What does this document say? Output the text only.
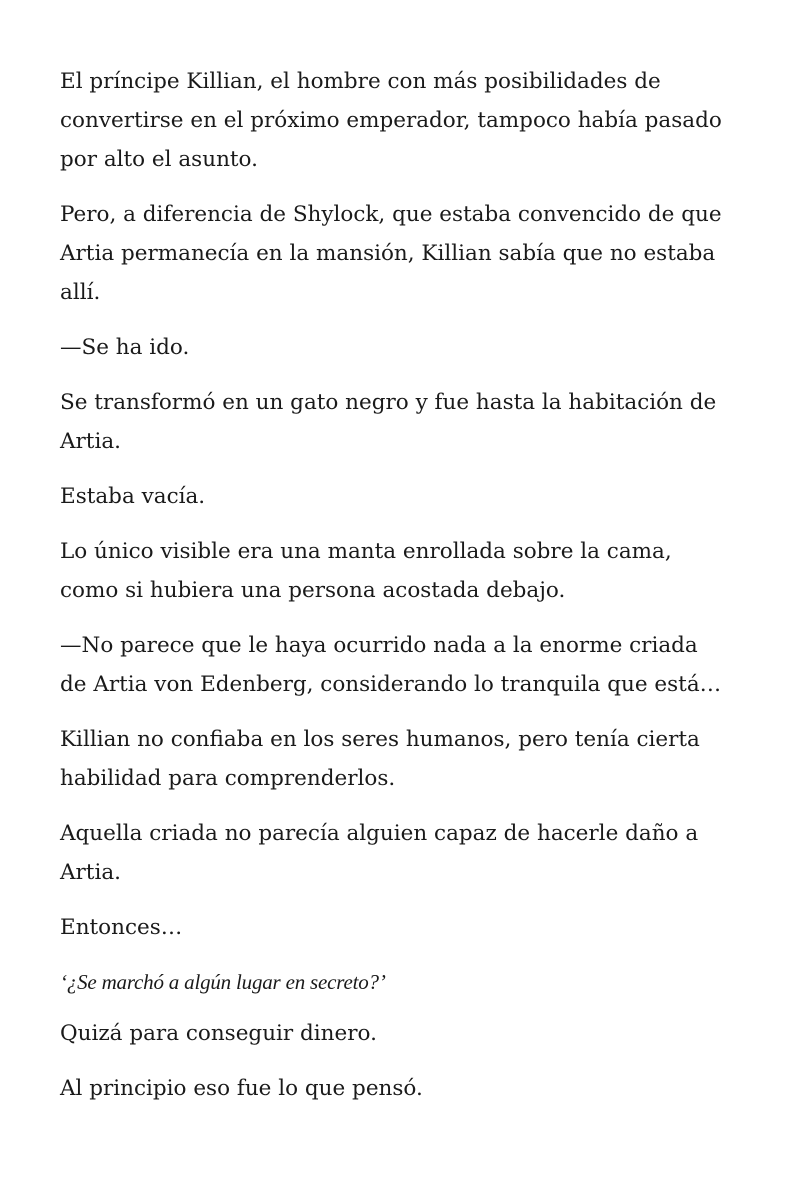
El príncipe Killian, el hombre con más posibilidades de
convertirse en el próximo emperador, tampoco había pasado
por alto el asunto.

Pero, a diferencia de Shylock, que estaba convencido de que
Artia permanecía en la mansión, Killian sabía que no estaba
allí.

—Se ha ido.

Se transformó en un gato negro y fue hasta la habitación de
Artia.

Estaba vacía.

Lo único visible era una manta enrollada sobre la cama,
como si hubiera una persona acostada debajo.

—No parece que le haya ocurrido nada a la enorme criada
de Artia von Edenberg, considerando lo tranquila que está…

Killian no confiaba en los seres humanos, pero tenía cierta
habilidad para comprenderlos.

Aquella criada no parecía alguien capaz de hacerle daño a
Artia.

Entonces…

‘¿Se marchó a algún lugar en secreto?’

Quizá para conseguir dinero.

Al principio eso fue lo que pensó.
